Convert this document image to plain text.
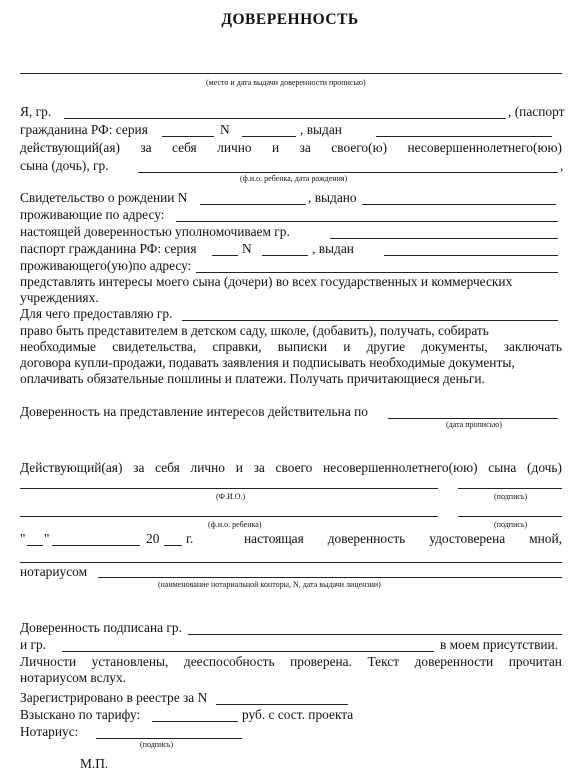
ДОВЕРЕННОСТЬ
(место и дата выдачи доверенности прописью)
Я, гр.	, (паспорт
гражданина РФ: серия	N	, выдан
действующий(ая) за себя лично и за своего(ю) несовершеннолетнего(юю)
сына (дочь), гр.	,
(ф.и.о. ребенка, дата рождения)
Свидетельство о рождении N	, выдано
проживающие по адресу:
настоящей доверенностью уполномочиваем гр.
паспорт гражданина РФ: серия	N	, выдан
проживающего(ую)по адресу:
представлять интересы моего сына (дочери) во всех государственных и коммерческих
учреждениях.
Для чего предоставляю гр.
право быть представителем в детском саду, школе, (добавить), получать, собирать
необходимые свидетельства, справки, выписки и другие документы, заключать
договора купли-продажи, подавать заявления и подписывать необходимые документы,
оплачивать обязательные пошлины и платежи. Получать причитающиеся деньги.
Доверенность на представление интересов действительна по
(дата прописью)
Действующий(ая) за себя лично и за своего несовершеннолетнего(юю) сына (дочь)
(Ф.И.О.)	(подпись)
(ф.и.о. ребенка)	(подпись)
" "	20 г.	настоящая доверенность удостоверена мной,
нотариусом
(наименование нотариальной конторы, N, дата выдачи лицензии)
Доверенность подписана гр.
и гр.	в моем присутствии.
Личности установлены, дееспособность проверена. Текст доверенности прочитан
нотариусом вслух.
Зарегистрировано в реестре за N
Взыскано по тарифу:	руб. с сост. проекта
Нотариус:
(подпись)
М.П.
